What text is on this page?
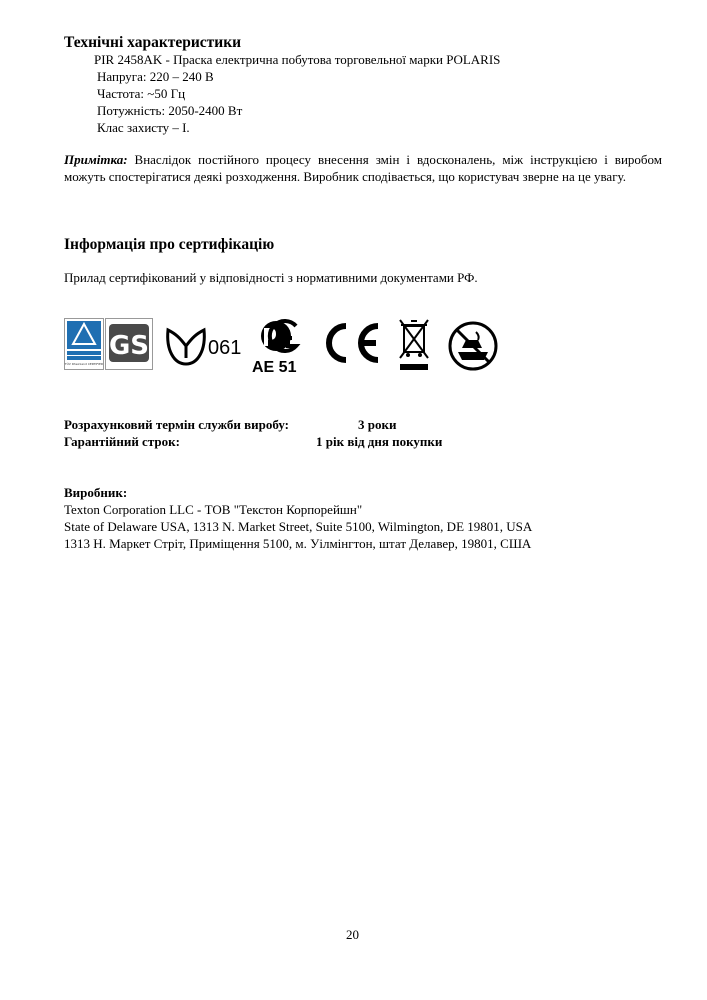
Технічні характеристики
PIR 2458AK - Праска електрична побутова торговельної марки POLARIS
Напруга: 220 – 240 В
Частота: ~50 Гц
Потужність: 2050-2400 Вт
Клас захисту – I.
Примітка: Внаслідок постійного процесу внесення змін і вдосконалень, між інструкцією і виробом можуть спостерігатися деякі розходження. Виробник сподівається, що користувач зверне на це увагу.
Інформація про сертифікацію
Прилад сертифікований у відповідності з нормативними документами РФ.
TÜV Rheinland CERTIFIED
GS	061
AE 51
Розрахунковий термін служби виробу:	3 роки
Гарантійний строк:	1 рік від дня покупки
Виробник:
Texton Corporation LLC - ТОВ "Текстон Корпорейшн"
State of Delaware USA, 1313 N. Market Street, Suite 5100, Wilmington, DE 19801, USA
1313 Н. Маркет Стріт, Приміщення 5100, м. Уілмінгтон, штат Делавер, 19801, США
20
